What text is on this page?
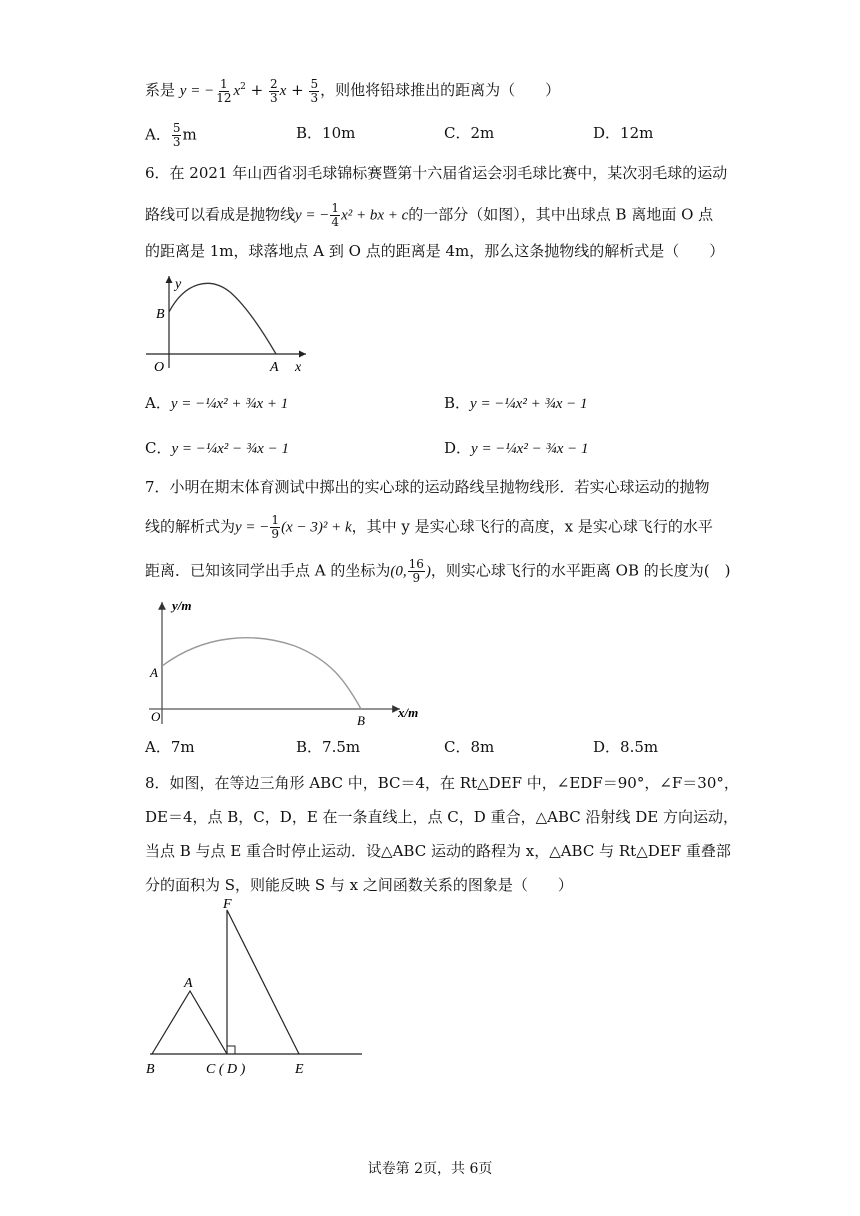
系是 y = − $\frac{1}{12} x^2 + \frac{2}{3}$ $x + \frac{5}{3}$ ，则他将铅球推出的距离为（　　）
A． $\frac{5}{3}$ m	B．10m	C．2m	D．12m
6．在 2021 年山西省羽毛球锦标赛暨第十六届省运会羽毛球比赛中，某次羽毛球的运动
路线可以看成是抛物线y = − $\frac{1}{4} x^2$ + bx + c的一部分（如图），其中出球点 B 离地面 O 点
的距离是 1m，球落地点 A 到 O 点的距离是 4m，那么这条抛物线的解析式是（　　）
y
B
O	A x
A．y = −¼x² + ¾x + 1	B．y = −¼x² + ¾x − 1
C．y = −¼x² − ¾x − 1	D．y = −¼x² − ¾x − 1
7．小明在期末体育测试中掷出的实心球的运动路线呈抛物线形．若实心球运动的抛物
线的解析式为y = − $\frac{1}{9} (x - 3)^2 + k$，其中 y 是实心球飞行的高度，x 是实心球飞行的水平
距离．已知该同学出手点 A 的坐标为(0, $\frac{16}{9}$ )，则实心球飞行的水平距离 OB 的长度为(　)
y/m
A
O	B
x/m
A．7m	B．7.5m	C．8m	D．8.5m
8．如图，在等边三角形 ABC 中，BC＝4，在 Rt△DEF 中，∠EDF＝90°，∠F＝30°，
DE＝4，点 B，C，D，E 在一条直线上，点 C，D 重合，△ABC 沿射线 DE 方向运动，
当点 B 与点 E 重合时停止运动．设△ABC 运动的路程为 x，△ABC 与 Rt△DEF 重叠部
分的面积为 S，则能反映 S 与 x 之间函数关系的图象是（　　）
F
A
B	C ( D )	E
试卷第 2页，共 6页
